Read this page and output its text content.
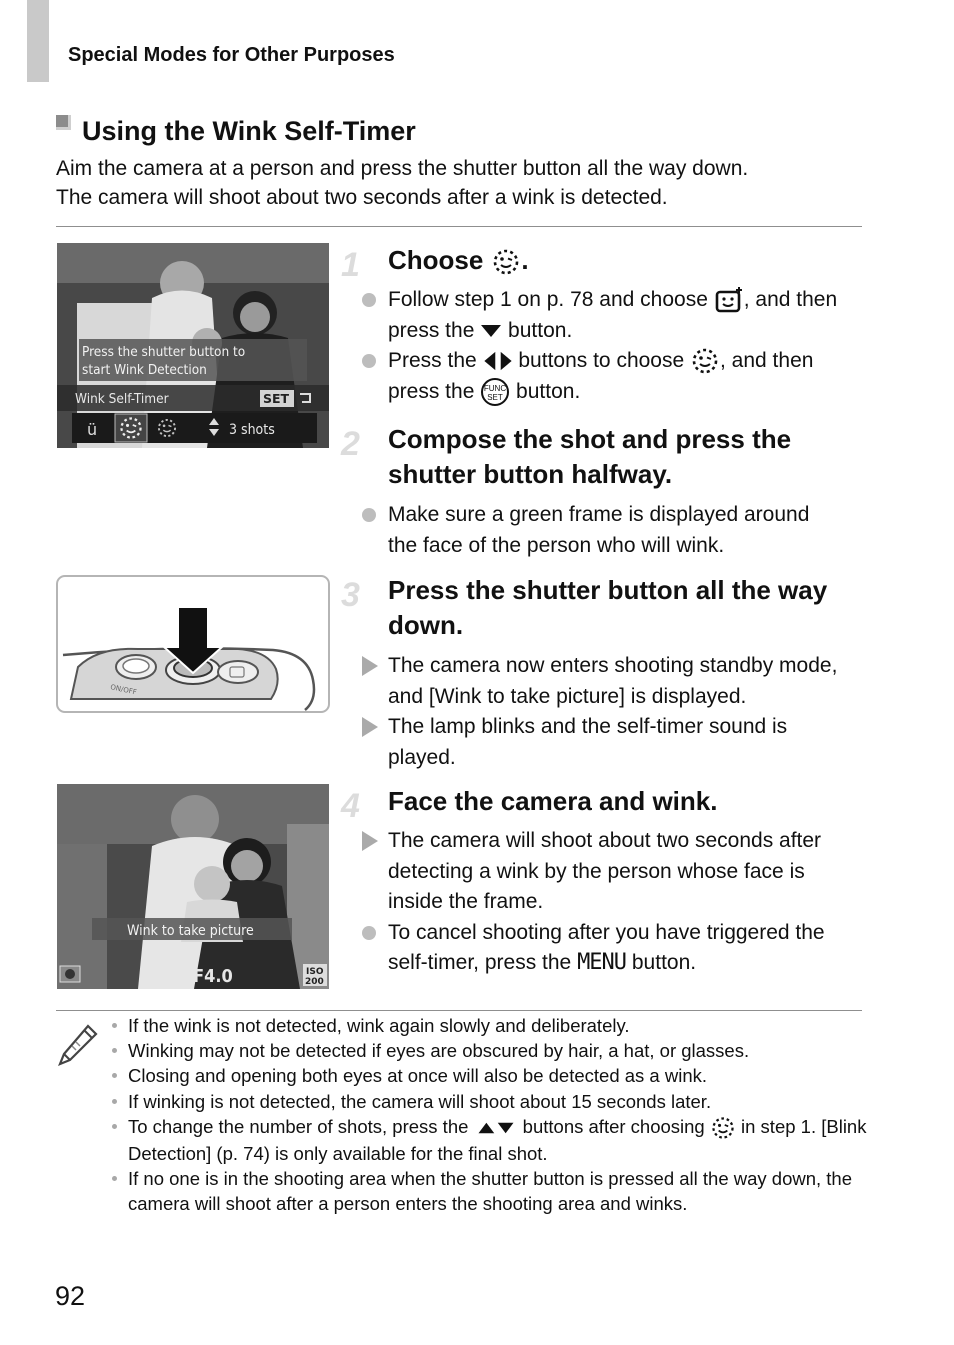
Special Modes for Other Purposes
Using the Wink Self-Timer
Aim the camera at a person and press the shutter button all the way down.
The camera will shoot about two seconds after a wink is detected.
Press the shutter button to
start Wink Detection
Wink Self-Timer	SET
ü	3 shots
1 Choose .
Follow step 1 on p. 78 and choose , and then press the  button.
Press the  buttons to choose , and then press the  button.
2 Compose the shot and press the shutter button halfway.
Make sure a green frame is displayed around the face of the person who will wink.
ON/OFF
3 Press the shutter button all the way down.
The camera now enters shooting standby mode, and [Wink to take picture] is displayed.
The lamp blinks and the self-timer sound is played.
Wink to take picture
1/60 F4.0	ISO
200
4 Face the camera and wink.
The camera will shoot about two seconds after detecting a wink by the person whose face is inside the frame.
To cancel shooting after you have triggered the self-timer, press the MENU button.
If the wink is not detected, wink again slowly and deliberately.
Winking may not be detected if eyes are obscured by hair, a hat, or glasses.
Closing and opening both eyes at once will also be detected as a wink.
If winking is not detected, the camera will shoot about 15 seconds later.
To change the number of shots, press the  buttons after choosing  in step 1. [Blink Detection] (p. 74) is only available for the final shot.
If no one is in the shooting area when the shutter button is pressed all the way down, the camera will shoot after a person enters the shooting area and winks.
92
